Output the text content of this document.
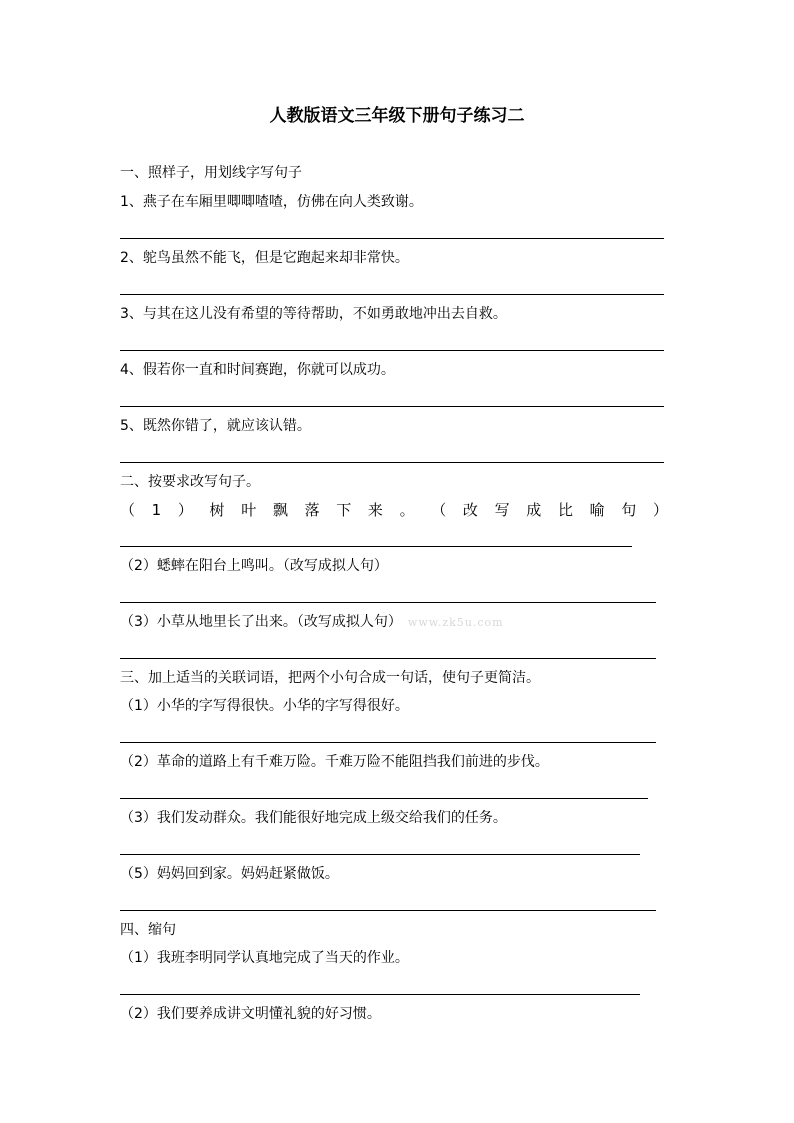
人教版语文三年级下册句子练习二
一、照样子，用划线字写句子
1、燕子在车厢里唧唧喳喳，仿佛在向人类致谢。
2、鸵鸟虽然不能飞，但是它跑起来却非常快。
3、与其在这儿没有希望的等待帮助，不如勇敢地冲出去自救。
4、假若你一直和时间赛跑，你就可以成功。
5、既然你错了，就应该认错。
二、按要求改写句子。
（ 1 ） 树 叶 飘 落 下 来 。 （ 改 写 成 比 喻 句 ）
（2）蟋蟀在阳台上鸣叫。（改写成拟人句）
（3）小草从地里长了出来。（改写成拟人句） www.zk5u.com
三、加上适当的关联词语，把两个小句合成一句话，使句子更简洁。
（1）小华的字写得很快。小华的字写得很好。
（2）革命的道路上有千难万险。千难万险不能阻挡我们前进的步伐。
（3）我们发动群众。我们能很好地完成上级交给我们的任务。
（5）妈妈回到家。妈妈赶紧做饭。
四、缩句
（1）我班李明同学认真地完成了当天的作业。
（2）我们要养成讲文明懂礼貌的好习惯。
